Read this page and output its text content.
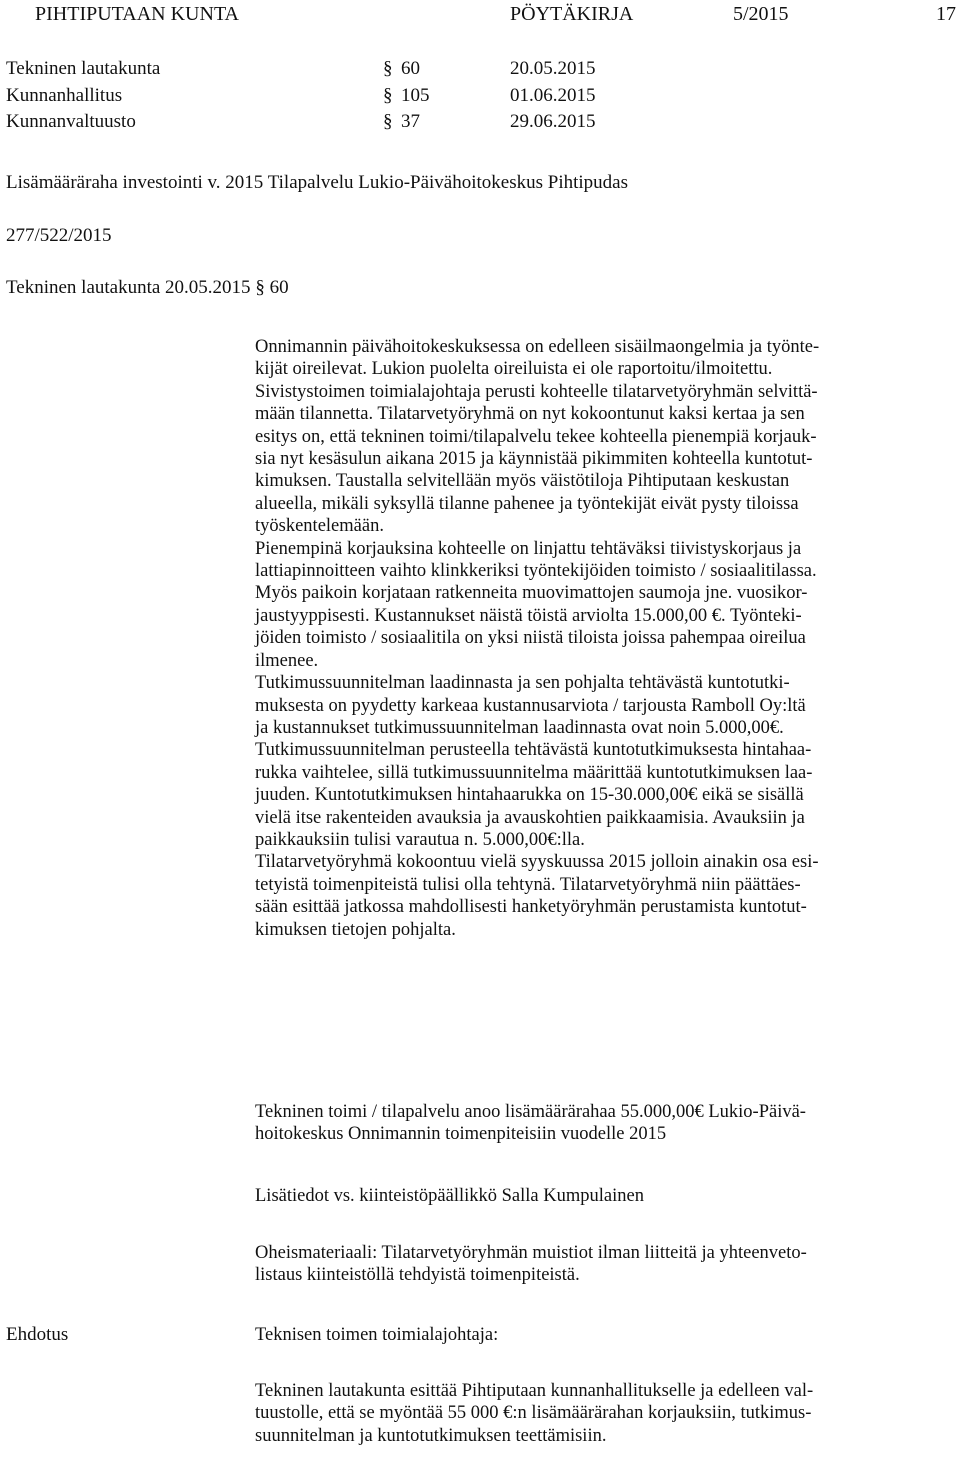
PIHTIPUTAAN KUNTA	PÖYTÄKIRJA	5/2015	17
Tekninen lautakunta	§ 60	20.05.2015
Kunnanhallitus	§ 105	01.06.2015
Kunnanvaltuusto	§ 37	29.06.2015
Lisämääräraha investointi v. 2015 Tilapalvelu Lukio-Päivähoitokeskus Pihtipudas
277/522/2015
Tekninen lautakunta 20.05.2015 § 60
Onnimannin päivähoitokeskuksessa on edelleen sisäilmaongelmia ja työnte-
kijät oireilevat. Lukion puolelta oireiluista ei ole raportoitu/ilmoitettu.
Sivistystoimen toimialajohtaja perusti kohteelle tilatarvetyöryhmän selvittä-
mään tilannetta. Tilatarvetyöryhmä on nyt kokoontunut kaksi kertaa ja sen
esitys on, että tekninen toimi/tilapalvelu tekee kohteella pienempiä korjauk-
sia nyt kesäsulun aikana 2015 ja käynnistää pikimmiten kohteella kuntotut-
kimuksen. Taustalla selvitellään myös väistötiloja Pihtiputaan keskustan
alueella, mikäli syksyllä tilanne pahenee ja työntekijät eivät pysty tiloissa
työskentelemään.
Pienempinä korjauksina kohteelle on linjattu tehtäväksi tiivistyskorjaus ja
lattiapinnoitteen vaihto klinkkeriksi työntekijöiden toimisto / sosiaalitilassa.
Myös paikoin korjataan ratkenneita muovimattojen saumoja jne. vuosikor-
jaustyyppisesti. Kustannukset näistä töistä arviolta 15.000,00 €. Työnteki-
jöiden toimisto / sosiaalitila on yksi niistä tiloista joissa pahempaa oireilua
ilmenee.
Tutkimussuunnitelman laadinnasta ja sen pohjalta tehtävästä kuntotutki-
muksesta on pyydetty karkeaa kustannusarviota / tarjousta Ramboll Oy:ltä
ja kustannukset tutkimussuunnitelman laadinnasta ovat noin 5.000,00€.
Tutkimussuunnitelman perusteella tehtävästä kuntotutkimuksesta hintahaa-
rukka vaihtelee, sillä tutkimussuunnitelma määrittää kuntotutkimuksen laa-
juuden. Kuntotutkimuksen hintahaarukka on 15-30.000,00€ eikä se sisällä
vielä itse rakenteiden avauksia ja avauskohtien paikkaamisia. Avauksiin ja
paikkauksiin tulisi varautua n. 5.000,00€:lla.
Tilatarvetyöryhmä kokoontuu vielä syyskuussa 2015 jolloin ainakin osa esi-
tetyistä toimenpiteistä tulisi olla tehtynä. Tilatarvetyöryhmä niin päättäes-
sään esittää jatkossa mahdollisesti hanketyöryhmän perustamista kuntotut-
kimuksen tietojen pohjalta.
Tekninen toimi / tilapalvelu anoo lisämäärärahaa 55.000,00€ Lukio-Päivä-
hoitokeskus Onnimannin toimenpiteisiin vuodelle 2015
Lisätiedot vs. kiinteistöpäällikkö Salla Kumpulainen
Oheismateriaali: Tilatarvetyöryhmän muistiot ilman liitteitä ja yhteenveto-
listaus kiinteistöllä tehdyistä toimenpiteistä.
Ehdotus	Teknisen toimen toimialajohtaja:
Tekninen lautakunta esittää Pihtiputaan kunnanhallitukselle ja edelleen val-
tuustolle, että se myöntää 55 000 €:n lisämäärärahan korjauksiin, tutkimus-
suunnitelman ja kuntotutkimuksen teettämisiin.
